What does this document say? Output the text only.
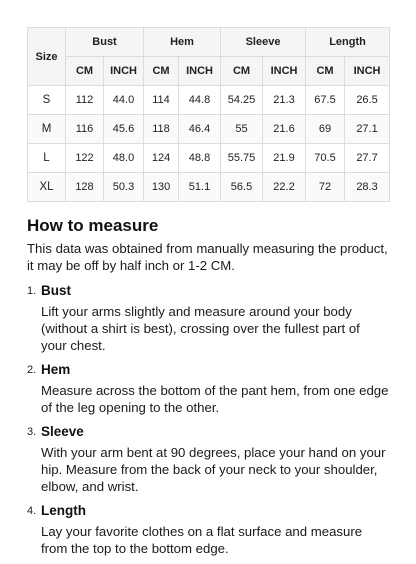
Size	Bust		Hem		Sleeve		Length	
	CM	INCH	CM	INCH	CM	INCH	CM	INCH
S	112	44.0	114	44.8	54.25	21.3	67.5	26.5
M	116	45.6	118	46.4	55	21.6	69	27.1
L	122	48.0	124	48.8	55.75	21.9	70.5	27.7
XL	128	50.3	130	51.1	56.5	22.2	72	28.3
How to measure

This data was obtained from manually measuring the product, it may be off by half inch or 1-2 CM.

1. Bust
Lift your arms slightly and measure around your body (without a shirt is best), crossing over the fullest part of your chest.
2. Hem
Measure across the bottom of the pant hem, from one edge of the leg opening to the other.
3. Sleeve
With your arm bent at 90 degrees, place your hand on your hip. Measure from the back of your neck to your shoulder, elbow, and wrist.
4. Length
Lay your favorite clothes on a flat surface and measure from the top to the bottom edge.
